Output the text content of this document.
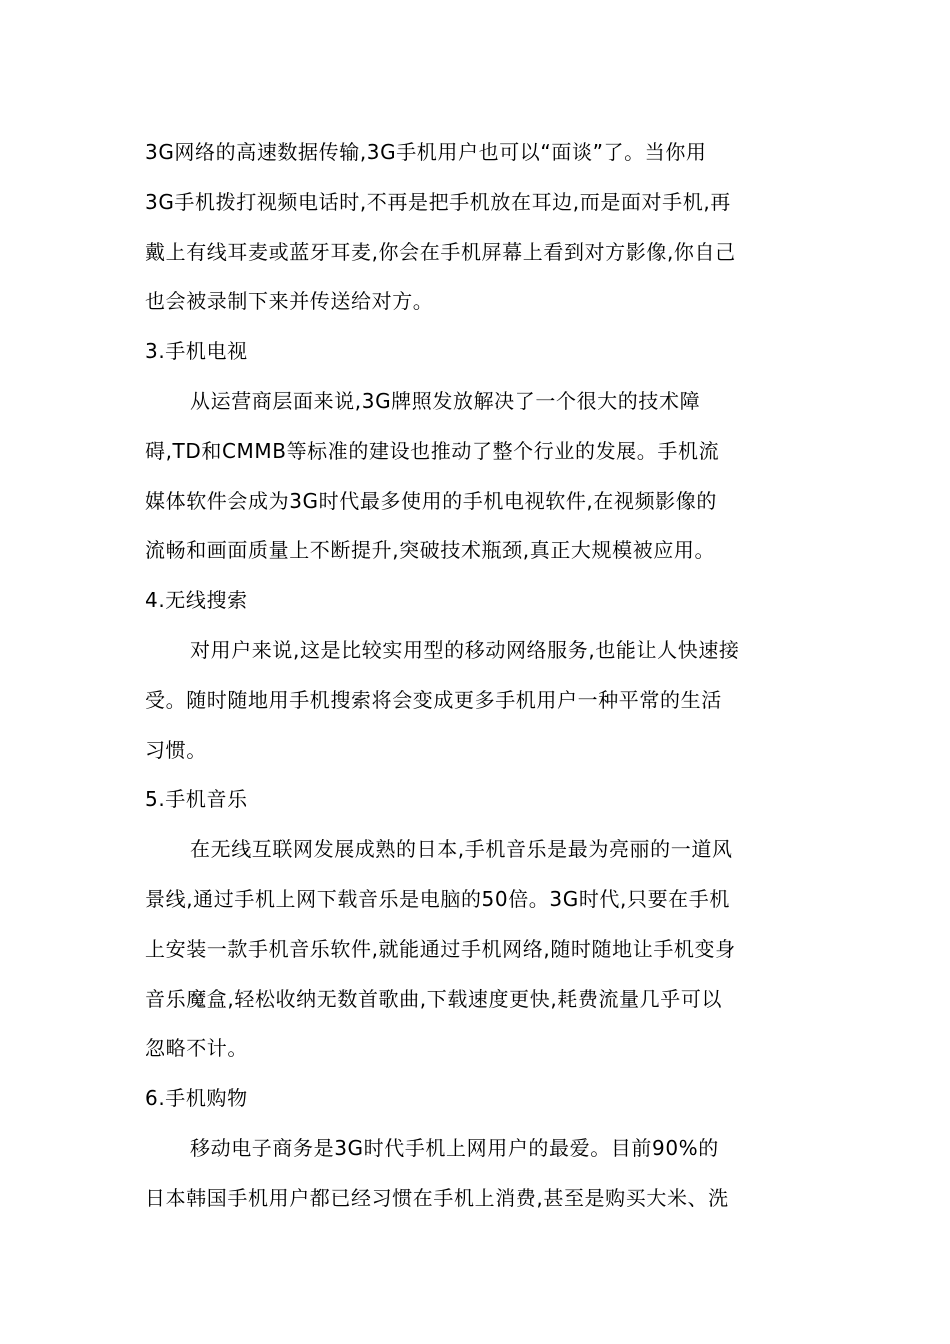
3G网络的高速数据传输,3G手机用户也可以“面谈”了。当你用
3G手机拨打视频电话时,不再是把手机放在耳边,而是面对手机,再
戴上有线耳麦或蓝牙耳麦,你会在手机屏幕上看到对方影像,你自己
也会被录制下来并传送给对方。
3.手机电视
从运营商层面来说,3G牌照发放解决了一个很大的技术障
碍,TD和CMMB等标准的建设也推动了整个行业的发展。手机流
媒体软件会成为3G时代最多使用的手机电视软件,在视频影像的
流畅和画面质量上不断提升,突破技术瓶颈,真正大规模被应用。
4.无线搜索
对用户来说,这是比较实用型的移动网络服务,也能让人快速接
受。随时随地用手机搜索将会变成更多手机用户一种平常的生活
习惯。
5.手机音乐
在无线互联网发展成熟的日本,手机音乐是最为亮丽的一道风
景线,通过手机上网下载音乐是电脑的50倍。3G时代,只要在手机
上安装一款手机音乐软件,就能通过手机网络,随时随地让手机变身
音乐魔盒,轻松收纳无数首歌曲,下载速度更快,耗费流量几乎可以
忽略不计。
6.手机购物
移动电子商务是3G时代手机上网用户的最爱。目前90%的
日本韩国手机用户都已经习惯在手机上消费,甚至是购买大米、洗
